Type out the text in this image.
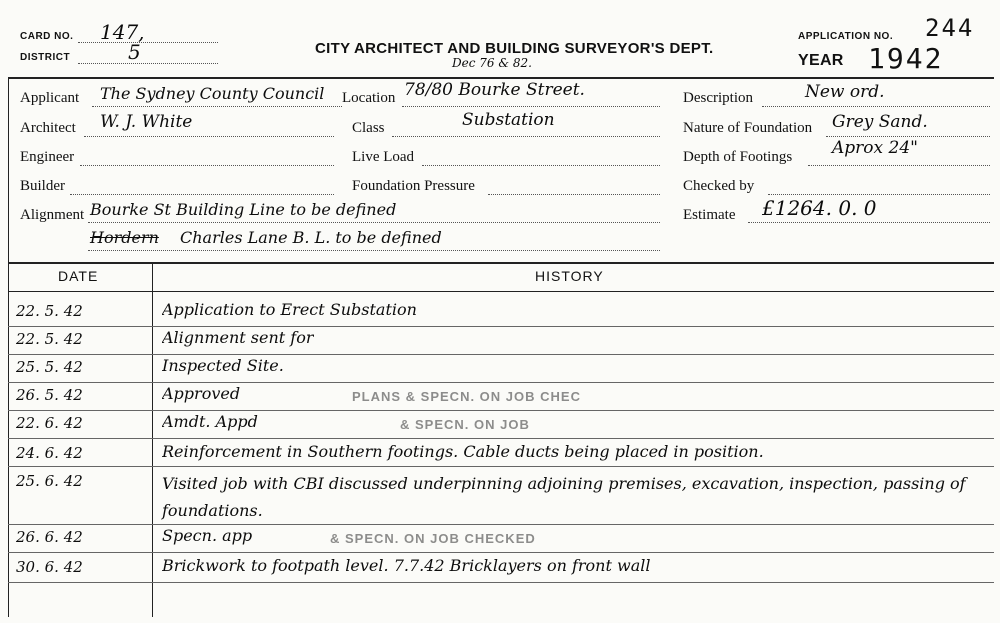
CARD NO. 147,
DISTRICT	5	CITY ARCHITECT AND BUILDING SURVEYOR'S DEPT.
Dec 76 & 82.
APPLICATION NO. 244
YEAR 1942
Applicant The Sydney County Council Location 78/80 Bourke Street.
Architect W. J. White	Class	Substation
Engineer	Live Load
Builder	Foundation Pressure
Alignment Bourke St Building Line to be defined
Hordern Charles Lane B. L. to be defined
Description	New ord.
Nature of Foundation Grey Sand.
Depth of Footings Aprox 24"
Checked by
Estimate £1264. 0. 0
DATE	HISTORY
22. 5. 42	Application to Erect Substation
22. 5. 42	Alignment sent for
25. 5. 42	Inspected Site.
26. 5. 42	Approved	PLANS & SPECN. ON JOB CHEC
22. 6. 42	Amdt. Appd	& SPECN. ON JOB
24. 6. 42	Reinforcement in Southern footings. Cable ducts being placed in position.
25. 6. 42	Visited job with CBI discussed underpinning adjoining premises, excavation, inspection, passing of foundations.
26. 6. 42	Specn. app	& SPECN. ON JOB CHECKED
30. 6. 42	Brickwork to footpath level. 7.7.42 Bricklayers on front wall
